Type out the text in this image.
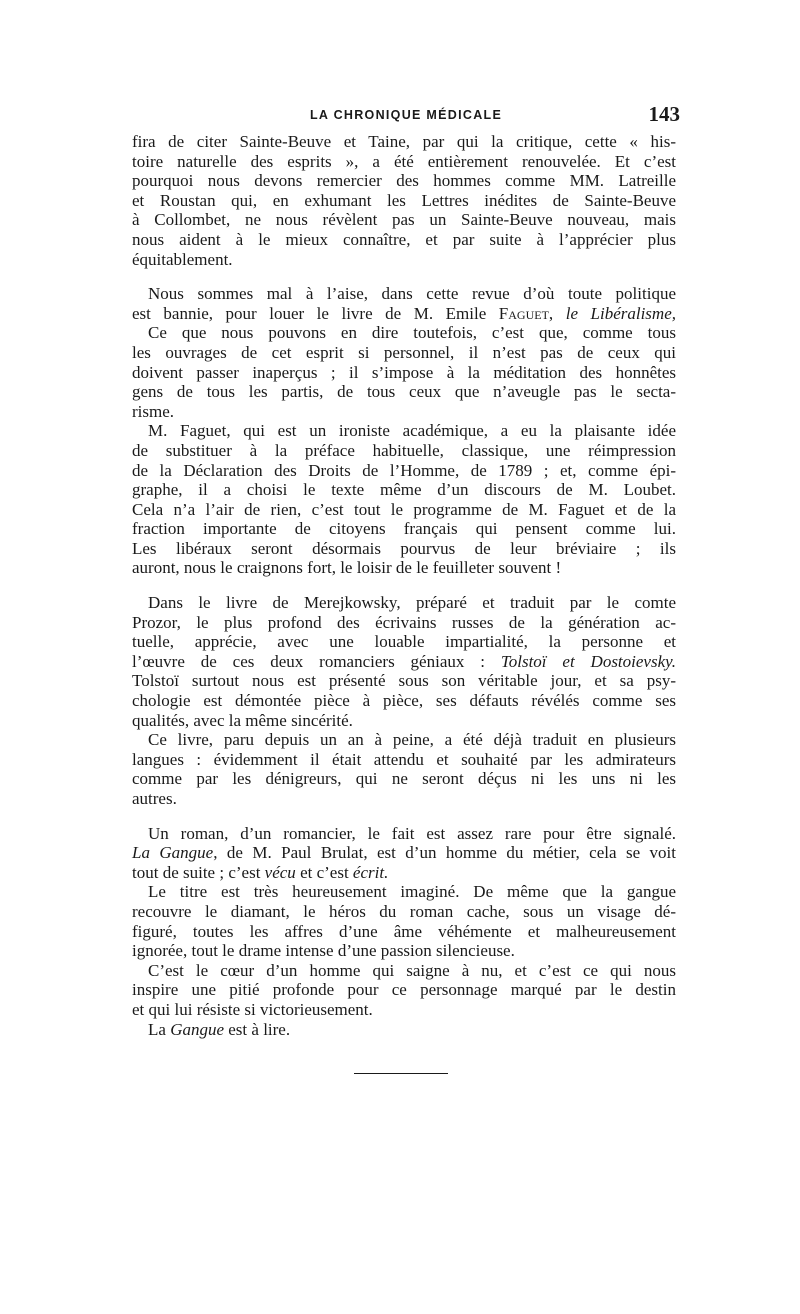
LA CHRONIQUE MÉDICALE	143

fira de citer Sainte-Beuve et Taine, par qui la critique, cette « his-
toire naturelle des esprits », a été entièrement renouvelée. Et c’est
pourquoi nous devons remercier des hommes comme MM. Latreille
et Roustan qui, en exhumant les Lettres inédites de Sainte-Beuve
à Collombet, ne nous révèlent pas un Sainte-Beuve nouveau, mais
nous aident à le mieux connaître, et par suite à l’apprécier plus
équitablement.

Nous sommes mal à l’aise, dans cette revue d’où toute politique
est bannie, pour louer le livre de M. Emile Faguet, le Libéralisme,
Ce que nous pouvons en dire toutefois, c’est que, comme tous
les ouvrages de cet esprit si personnel, il n’est pas de ceux qui
doivent passer inaperçus ; il s’impose à la méditation des honnêtes
gens de tous les partis, de tous ceux que n’aveugle pas le secta-
risme.
M. Faguet, qui est un ironiste académique, a eu la plaisante idée
de substituer à la préface habituelle, classique, une réimpression
de la Déclaration des Droits de l’Homme, de 1789 ; et, comme épi-
graphe, il a choisi le texte même d’un discours de M. Loubet.
Cela n’a l’air de rien, c’est tout le programme de M. Faguet et de la
fraction importante de citoyens français qui pensent comme lui.
Les libéraux seront désormais pourvus de leur bréviaire ; ils
auront, nous le craignons fort, le loisir de le feuilleter souvent !

Dans le livre de Merejkowsky, préparé et traduit par le comte
Prozor, le plus profond des écrivains russes de la génération ac-
tuelle, apprécie, avec une louable impartialité, la personne et
l’œuvre de ces deux romanciers géniaux : Tolstoï et Dostoievsky.
Tolstoï surtout nous est présenté sous son véritable jour, et sa psy-
chologie est démontée pièce à pièce, ses défauts révélés comme ses
qualités, avec la même sincérité.
Ce livre, paru depuis un an à peine, a été déjà traduit en plusieurs
langues : évidemment il était attendu et souhaité par les admirateurs
comme par les dénigreurs, qui ne seront déçus ni les uns ni les
autres.

Un roman, d’un romancier, le fait est assez rare pour être signalé.
La Gangue, de M. Paul Brulat, est d’un homme du métier, cela se voit
tout de suite ; c’est vécu et c’est écrit.
Le titre est très heureusement imaginé. De même que la gangue
recouvre le diamant, le héros du roman cache, sous un visage dé-
figuré, toutes les affres d’une âme véhémente et malheureusement
ignorée, tout le drame intense d’une passion silencieuse.
C’est le cœur d’un homme qui saigne à nu, et c’est ce qui nous
inspire une pitié profonde pour ce personnage marqué par le destin
et qui lui résiste si victorieusement.
La Gangue est à lire.
